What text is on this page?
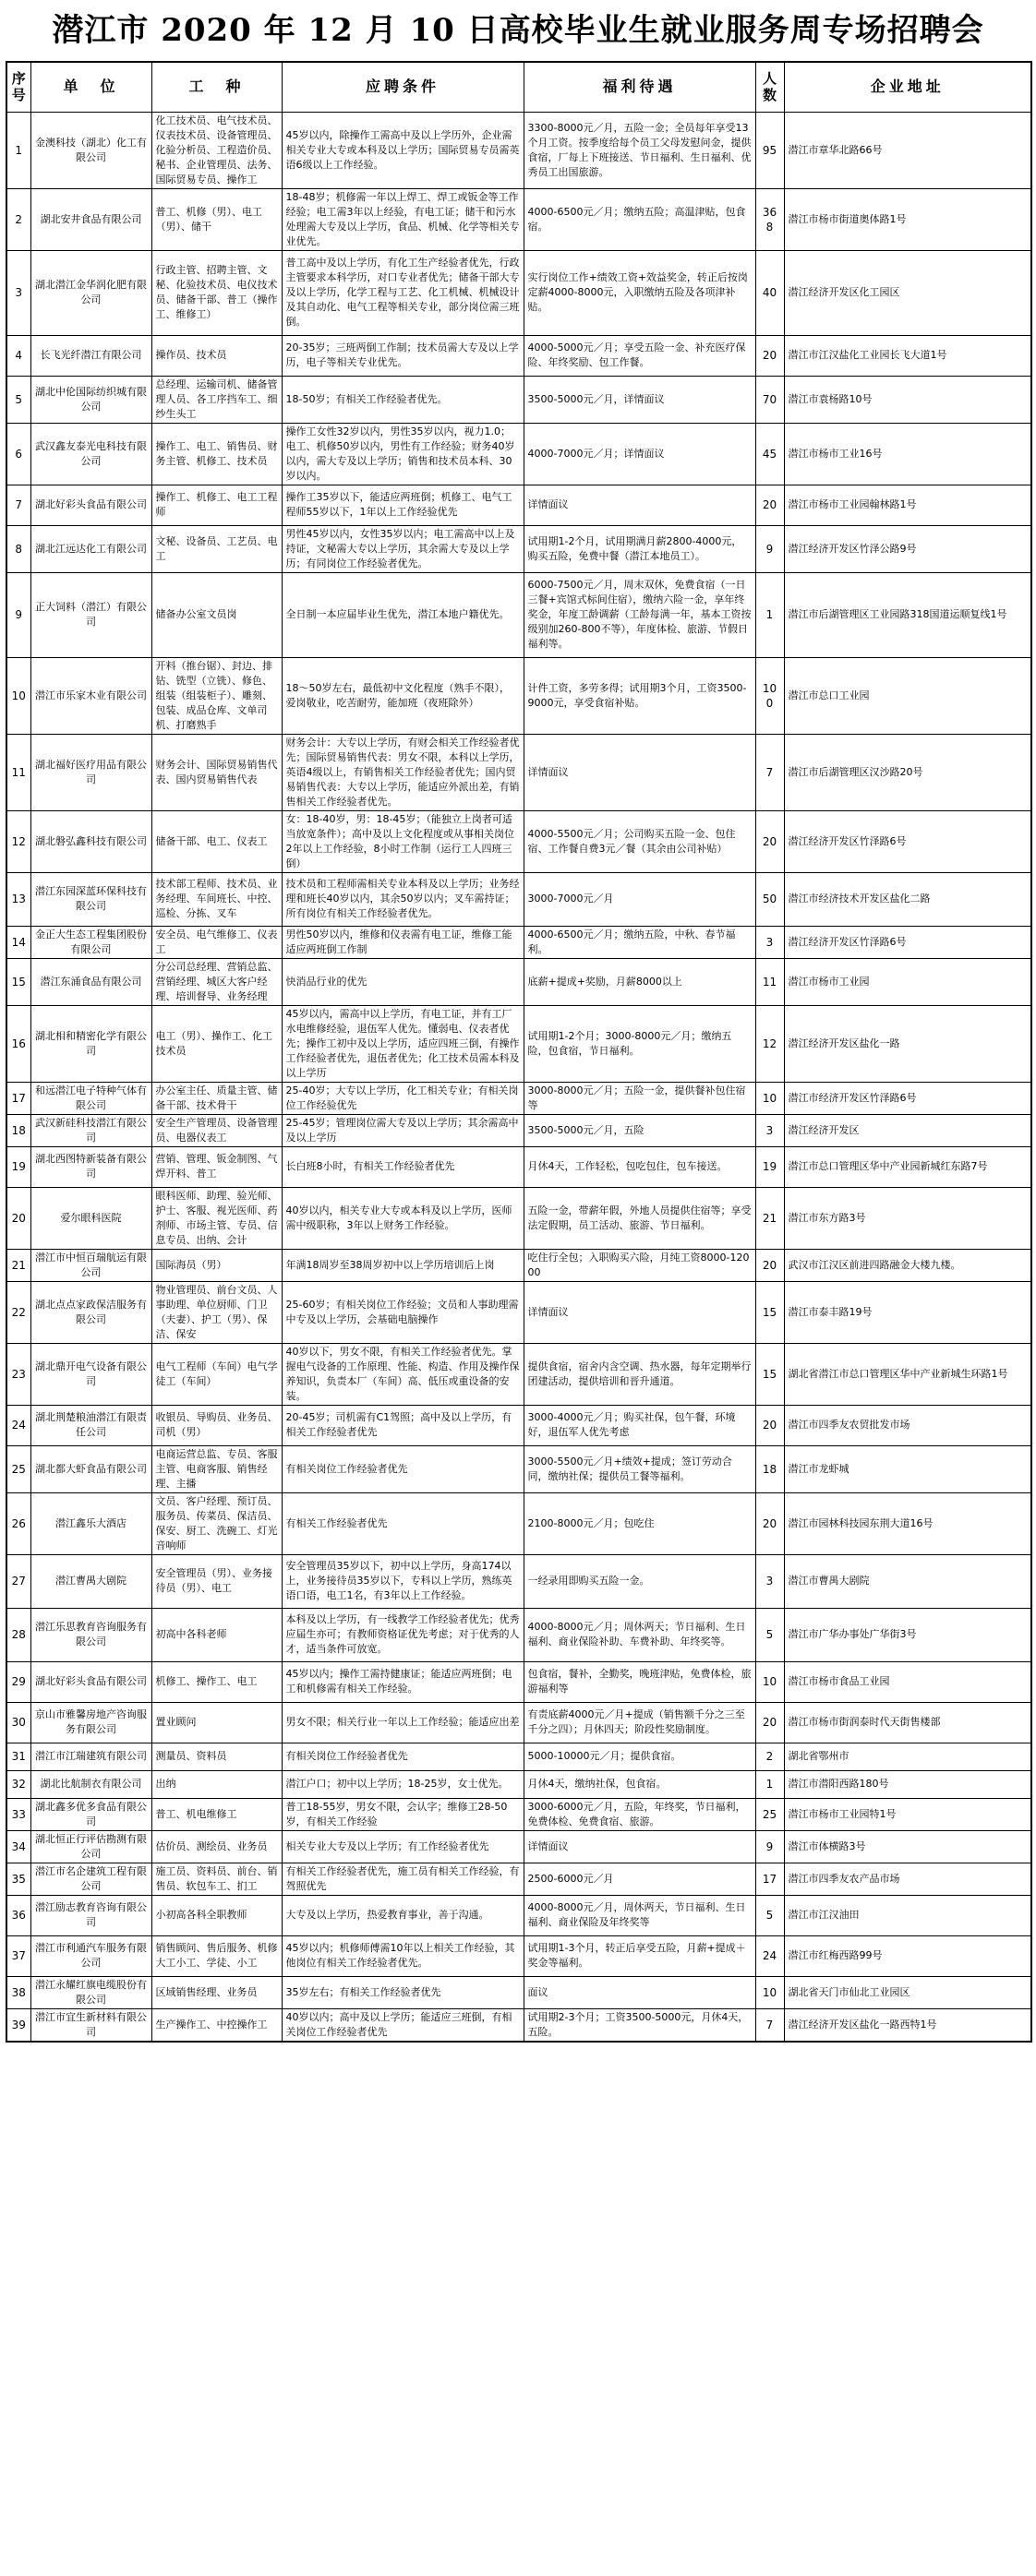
潜江市 2020 年 12 月 10 日高校毕业生就业服务周专场招聘会
序号	单　位	工　种	应聘条件	福利待遇	人数	企业地址
1	金澳科技（湖北）化工有限公司	化工技术员、电气技术员、仪表技术员、设备管理员、化验分析员、工程造价员、秘书、企业管理员、法务、国际贸易专员、操作工	45岁以内，除操作工需高中及以上学历外，企业需相关专业大专或本科及以上学历；国际贸易专员需英语6级以上工作经验。	3300-8000元／月，五险一金；全员每年享受13个月工资。按季度给每个员工父母发慰问金，提供食宿，厂每上下班接送、节日福利、生日福利、优秀员工出国旅游。	95	潜江市章华北路66号
2	湖北安井食品有限公司	普工、机修（男）、电工（男）、储干	18-48岁；机修需一年以上焊工、焊工或钣金等工作经验；电工需3年以上经验，有电工证；储干和污水处理需大专及以上学历，食品、机械、化学等相关专业优先。	4000-6500元／月；缴纳五险；高温津贴，包食宿。	368	潜江市杨市街道奥体路1号
3	湖北潜江金华润化肥有限公司	行政主管、招聘主管、文秘、化验技术员、电仪技术员、储备干部、普工（操作工、维修工）	普工高中及以上学历，有化工生产经验者优先，行政主管要求本科学历，对口专业者优先；储备干部大专及以上学历，化学工程与工艺、化工机械、机械设计及其自动化、电气工程等相关专业，部分岗位需三班倒。	实行岗位工作+绩效工资+效益奖金，转正后按岗定薪4000-8000元，入职缴纳五险及各项津补贴。	40	潜江经济开发区化工园区
4	长飞光纤潜江有限公司	操作员、技术员	20-35岁；三班两倒工作制；技术员需大专及以上学历，电子等相关专业优先。	4000-5000元／月；享受五险一金、补充医疗保险、年终奖励、包工作餐。	20	潜江市江汉盐化工业园长飞大道1号
5	湖北中伦国际纺织城有限公司	总经理、运输司机、储备管理人员、各工序挡车工、细纱生头工	18-50岁；有相关工作经验者优先。	3500-5000元／月，详情面议	70	潜江市袁杨路10号
6	武汉鑫友泰光电科技有限公司	操作工、电工、销售员、财务主管、机修工、技术员	操作工女性32岁以内，男性35岁以内，视力1.0；电工、机修50岁以内，男性有工作经验；财务40岁以内，需大专及以上学历；销售和技术员本科、30岁以内。	4000-7000元／月；详情面议	45	潜江市杨市工业16号
7	湖北好彩头食品有限公司	操作工、机修工、电工工程师	操作工35岁以下，能适应两班倒；机修工、电气工程师55岁以下，1年以上工作经验优先	详情面议	20	潜江市杨市工业园翰林路1号
8	湖北江远达化工有限公司	文秘、设备员、工艺员、电工	男性45岁以内，女性35岁以内；电工需高中以上及持证，文秘需大专以上学历，其余需大专及以上学历；有同岗位工作经验者优先。	试用期1-2个月，试用期满月薪2800-4000元，购买五险，免费中餐（潜江本地员工）。	9	潜江经济开发区竹泽公路9号
9	正大饲料（潜江）有限公司	储备办公室文员岗	全日制一本应届毕业生优先，潜江本地户籍优先。	6000-7500元／月，周末双休，免费食宿（一日三餐+宾馆式标间住宿），缴纳六险一金，享年终奖金，年度工龄调薪（工龄每满一年，基本工资按级别加260-800不等），年度体检、旅游、节假日福利等。	1	潜江市后湖管理区工业园路318国道运顺复线1号
10	潜江市乐家木业有限公司	开料（推台锯）、封边、排钻、铣型（立铣）、修色、组装（组装柜子）、雕刻、包装、成品仓库、文单司机、打磨熟手	18～50岁左右，最低初中文化程度（熟手不限），爱岗敬业，吃苦耐劳，能加班（夜班除外）	计件工资，多劳多得；试用期3个月，工资3500-9000元，享受食宿补贴。	100	潜江市总口工业园
11	湖北福好医疗用品有限公司	财务会计、国际贸易销售代表、国内贸易销售代表	财务会计：大专以上学历，有财会相关工作经验者优先；国际贸易销售代表：男女不限，本科以上学历，英语4级以上，有销售相关工作经验者优先；国内贸易销售代表：大专以上学历，能适应外派出差，有销售相关工作经验者优先。	详情面议	7	潜江市后湖管理区汉沙路20号
12	湖北磐弘鑫科技有限公司	储备干部、电工、仪表工	女：18-40岁，男：18-45岁；（能独立上岗者可适当放宽条件）；高中及以上文化程度或从事相关岗位2年以上工作经验，8小时工作制（运行工人四班三倒）	4000-5500元／月；公司购买五险一金、包住宿、工作餐自费3元／餐（其余由公司补贴）	20	潜江经济开发区竹泽路6号
13	潜江东园深蓝环保科技有限公司	技术部工程师、技术员、业务经理、车间班长、中控、巡检、分拣、叉车	技术员和工程师需相关专业本科及以上学历；业务经理和班长40岁以内，其余50岁以内；叉车需持证；所有岗位有相关工作经验者优先。	3000-7000元／月	50	潜江市经济技术开发区盐化二路
14	金正大生态工程集团股份有限公司	安全员、电气维修工、仪表工	男性50岁以内，维修和仪表需有电工证，维修工能适应两班倒工作制	4000-6500元／月；缴纳五险，中秋、春节福利。	3	潜江经济开发区竹泽路6号
15	潜江东涌食品有限公司	分公司总经理、营销总监、营销经理、城区大客户经理、培训督导、业务经理	快消品行业的优先	底薪+提成+奖励，月薪8000以上	11	潜江市杨市工业园
16	湖北相和精密化学有限公司	电工（男）、操作工、化工技术员	45岁以内，需高中以上学历，有电工证，并有工厂水电维修经验，退伍军人优先。懂弱电、仪表者优先；操作工初中及以上学历，适应四班三倒，有操作工作经验者优先，退伍者优先；化工技术员需本科及以上学历	试用期1-2个月；3000-8000元／月；缴纳五险，包食宿，节日福利。	12	潜江经济开发区盐化一路
17	和远潜江电子特种气体有限公司	办公室主任、质量主管、储备干部、技术骨干	25-40岁；大专以上学历，化工相关专业；有相关岗位工作经验优先	3000-8000元／月；五险一金，提供餐补包住宿等	10	潜江市经济开发区竹泽路6号
18	武汉新硅科技潜江有限公司	安全生产管理员、设备管理员、电器仪表工	25-45岁；管理岗位需大专及以上学历；其余需高中及以上学历	3500-5000元／月，五险	3	潜江经济开发区
19	湖北西图特新装备有限公司	营销、管理、钣金制图、气焊开料、普工	长白班8小时，有相关工作经验者优先	月休4天，工作轻松，包吃包住，包车接送。	19	潜江市总口管理区华中产业园新城红东路7号
20	爱尔眼科医院	眼科医师、助理、验光师、护士、客服、视光医师、药剂师、市场主管、专员、信息专员、出纳、会计	40岁以内，相关专业大专或本科及以上学历，医师需中级职称，3年以上财务工作经验。	五险一金，带薪年假，外地人员提供住宿等；享受法定假期，员工活动、旅游、节日福利。	21	潜江市东方路3号
21	潜江市中恒百瑞航运有限公司	国际海员（男）	年满18周岁至38周岁初中以上学历培训后上岗	吃住行全包；入职购买六险，月纯工资8000-12000	20	武汉市江汉区前进四路融金大楼九楼。
22	湖北点点家政保洁服务有限公司	物业管理员、前台文员、人事助理、单位厨师、门卫（夫妻）、护工（男）、保洁、保安	25-60岁；有相关岗位工作经验；文员和人事助理需中专及以上学历，会基础电脑操作	详情面议	15	潜江市泰丰路19号
23	湖北鼎开电气设备有限公司	电气工程师（车间）电气学徒工（车间）	40岁以下，男女不限，有相关工作经验者优先。掌握电气设备的工作原理、性能、构造、作用及操作保养知识，负责本厂（车间）高、低压或重设备的安装。	提供食宿，宿舍内含空调、热水器，每年定期举行团建活动，提供培训和晋升通道。	15	湖北省潜江市总口管理区华中产业新城生环路1号
24	湖北荆楚粮油潜江有限责任公司	收银员、导购员、业务员、司机（男）	20-45岁；司机需有C1驾照；高中及以上学历，有相关工作经验者优先	3000-4000元／月；购买社保，包午餐，环境好，退伍军人优先考虑	20	潜江市四季友农贸批发市场
25	湖北都大虾食品有限公司	电商运营总监、专员、客服主管、电商客服、销售经理、主播	有相关岗位工作经验者优先	3000-5500元／月+绩效+提成；签订劳动合同，缴纳社保；提供员工餐等福利。	18	潜江市龙虾城
26	潜江鑫乐大酒店	文员、客户经理、预订员、服务员、传菜员、保洁员、保安、厨工、洗碗工、灯光音响师	有相关工作经验者优先	2100-8000元／月；包吃住	20	潜江市园林科技园东荆大道16号
27	潜江曹禺大剧院	安全管理员（男）、业务接待员（男）、电工	安全管理员35岁以下，初中以上学历，身高174以上，业务接待员35岁以下，专科以上学历，熟练英语口语，电工1名，有3年以上工作经验。	一经录用即购买五险一金。	3	潜江市曹禺大剧院
28	潜江乐思教育咨询服务有限公司	初高中各科老师	本科及以上学历，有一线教学工作经验者优先；优秀应届生亦可；有教师资格证优先考虑；对于优秀的人才，适当条件可放宽。	4000-8000元／月；周休两天；节日福利、生日福利、商业保险补助、车费补助、年终奖等。	5	潜江市广华办事处广华街3号
29	湖北好彩头食品有限公司	机修工、操作工、电工	45岁以内；操作工需持健康证；能适应两班倒；电工和机修需有相关工作经验。	包食宿，餐补，全勤奖，晚班津贴，免费体检，旅游福利等	10	潜江市杨市食品工业园
30	京山市雅馨房地产咨询服务有限公司	置业顾问	男女不限；相关行业一年以上工作经验；能适应出差	有责底薪4000元／月+提成（销售额千分之三至千分之四）；月休四天；阶段性奖励制度。	20	潜江市杨市街润泰时代天街售楼部
31	潜江市江瑞建筑有限公司	测量员、资料员	有相关岗位工作经验者优先	5000-10000元／月；提供食宿。	2	湖北省鄂州市
32	湖北比航制衣有限公司	出纳	潜江户口；初中以上学历；18-25岁，女士优先。	月休4天，缴纳社保，包食宿。	1	潜江市潜阳西路180号
33	湖北鑫多优多食品有限公司	普工、机电维修工	普工18-55岁，男女不限，会认字；维修工28-50岁，有相关工作经验	3000-6000元／月，五险，年终奖，节日福利，免费体检、免费食宿、旅游。	25	潜江市杨市工业园特1号
34	湖北恒正行评估勘测有限公司	估价员、测绘员、业务员	相关专业大专及以上学历；有工作经验者优先	详情面议	9	潜江市体横路3号
35	潜江市名企建筑工程有限公司	施工员、资料员、前台、销售员、软包车工、扪工	有相关工作经验者优先，施工员有相关工作经验，有驾照优先	2500-6000元／月	17	潜江市四季友农产品市场
36	潜江励志教育咨询有限公司	小初高各科全职教师	大专及以上学历，热爱教育事业，善于沟通。	4000-8000元／月，周休两天，节日福利、生日福利、商业保险及年终奖等	5	潜江市江汉油田
37	潜江市利通汽车服务有限公司	销售顾问、售后服务、机修大工小工、学徒、小工	45岁以内；机修师傅需10年以上相关工作经验，其他岗位有相关工作经验者优先。	试用期1-3个月，转正后享受五险，月薪+提成＋奖金等福利。	24	潜江市红梅西路99号
38	潜江永耀红旗电缆股份有限公司	区域销售经理、业务员	35岁左右；有相关工作经验者优先	面议	10	湖北省天门市仙北工业园区
39	潜江市宜生新材料有限公司	生产操作工、中控操作工	40岁以内；高中及以上学历；能适应三班倒，有相关岗位工作经验者优先	试用期2-3个月；工资3500-5000元，月休4天，五险。	7	潜江经济开发区盐化一路西特1号
